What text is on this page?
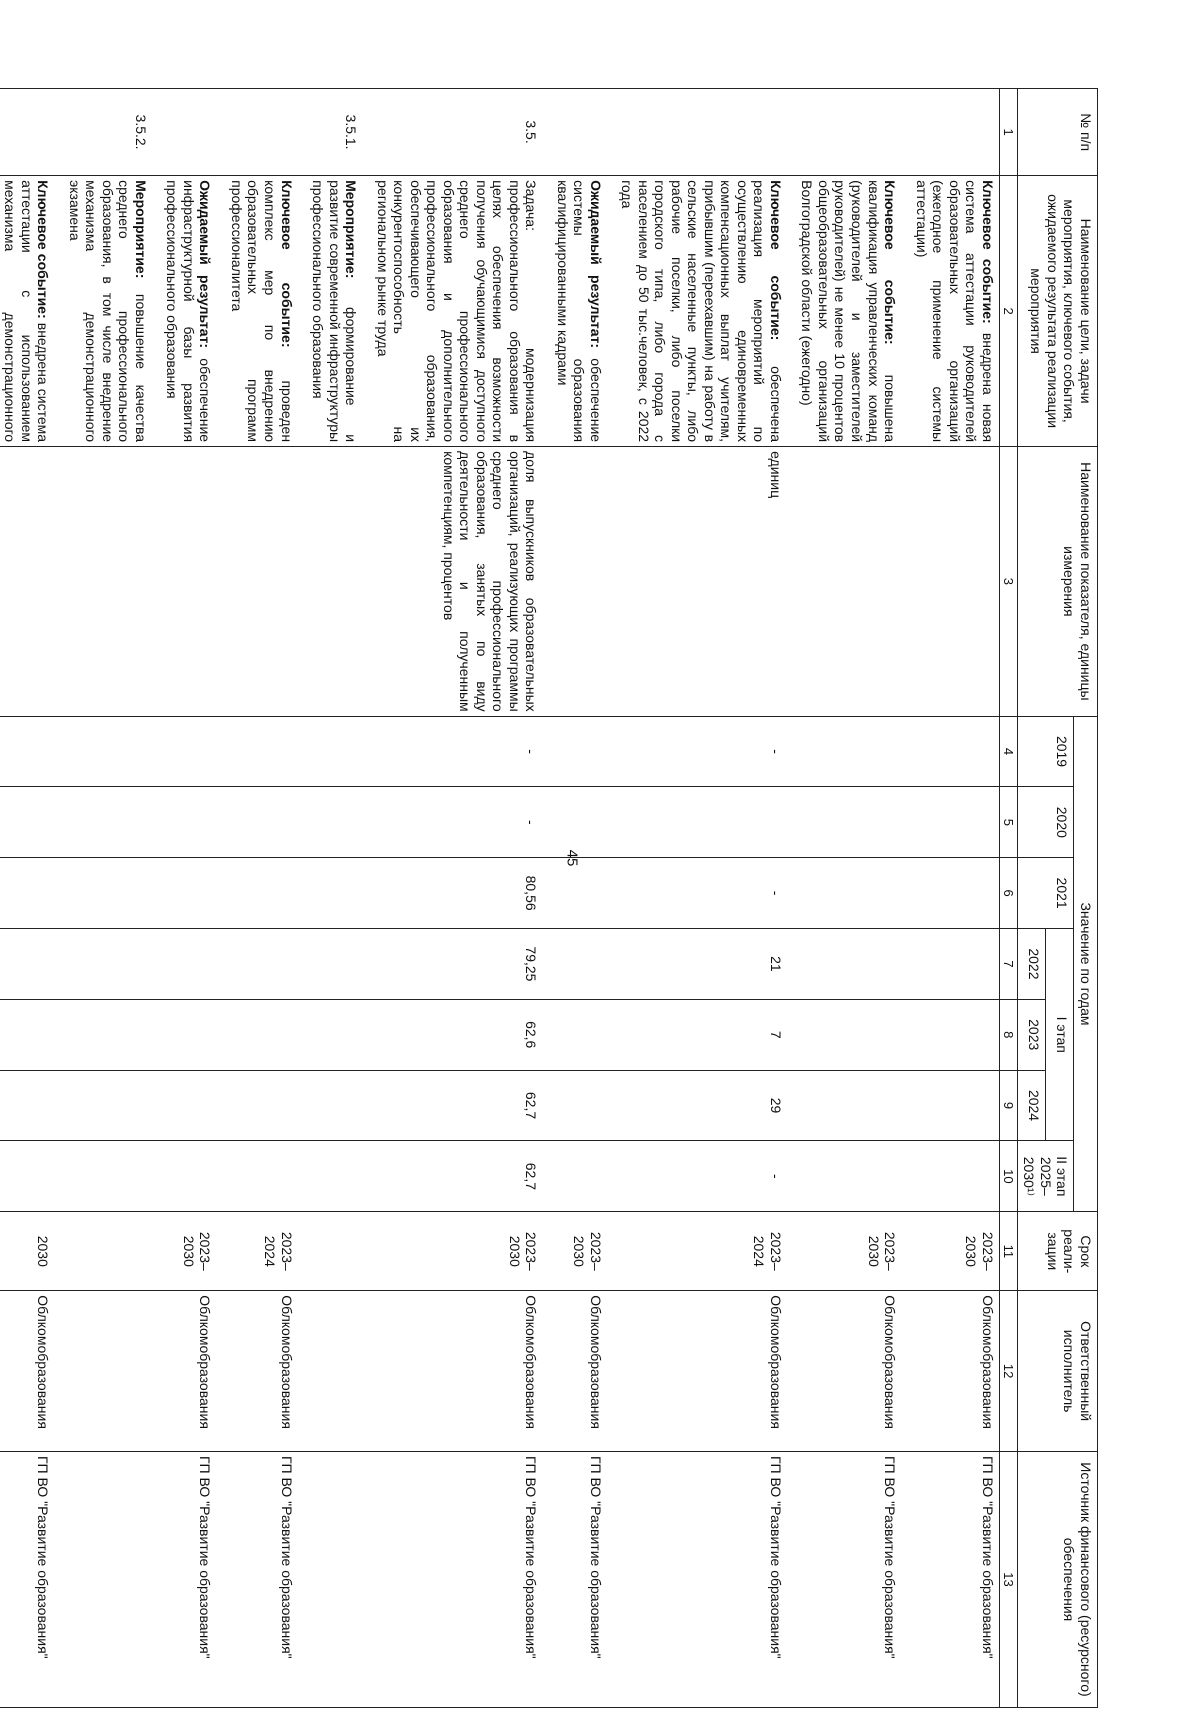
45
№ п/п	Наименование цели, задачи мероприятия, ключевого события, ожидаемого результата реализации мероприятия	Наименование показателя, единицы измерения	Значение по годам							Срок реали-зации	Ответственный исполнитель	Источник финансового (ресурсного) обеспечения
			2019	2020	2021	I этап			II этап 2025–2030¹⁾			
						2022	2023	2024				
1	2	3	4	5	6	7	8	9	10	11	12	13
	Ключевое событие: внедрена новая система аттестации руководителей образовательных организаций (ежегодное применение системы аттестации)									2023–2030	Облкомобразования	ГП ВО "Развитие образования"
	Ключевое событие: повышена квалификация управленческих команд (руководителей и заместителей руководителей) не менее 10 процентов общеобразовательных организаций Волгоградской области (ежегодно)									2023–2030	Облкомобразования	ГП ВО "Развитие образования"
	Ключевое событие: обеспечена реализация мероприятий по осуществлению единовременных компенсационных выплат учителям, прибывшим (переехавшим) на работу в сельские населенные пункты, либо рабочие поселки, либо поселки городского типа, либо города с населением до 50 тыс.человек, с 2022 года	единиц	-		-	21	7	29	-	2023–2024	Облкомобразования	ГП ВО "Развитие образования"
	Ожидаемый результат: обеспечение системы образования квалифицированными кадрами									2023–2030	Облкомобразования	ГП ВО "Развитие образования"
3.5.	Задача: модернизация профессионального образования в целях обеспечения возможности получения обучающимися доступного среднего профессионального образования и дополнительного профессионального образования, обеспечивающего их конкурентоспособность на региональном рынке труда	доля выпускников образовательных организаций, реализующих программы среднего профессионального образования, занятых по виду деятельности и полученным компетенциям, процентов	-	-	80,56	79,25	62,6	62,7	62,7	2023–2030	Облкомобразования	ГП ВО "Развитие образования"
3.5.1.	Мероприятие: формирование и развитие современной инфраструктуры профессионального образования											
	Ключевое событие: проведен комплекс мер по внедрению образовательных программ профессионалитета									2023–2024	Облкомобразования	ГП ВО "Развитие образования"
	Ожидаемый результат: обеспечение инфраструктурной базы развития профессионального образования									2023–2030	Облкомобразования	ГП ВО "Развитие образования"
3.5.2.	Мероприятие: повышение качества среднего профессионального образования, в том числе внедрение механизма демонстрационного экзамена											
	Ключевое событие: внедрена система аттестации с использованием механизма демонстрационного									2030	Облкомобразования	ГП ВО "Развитие образования"
